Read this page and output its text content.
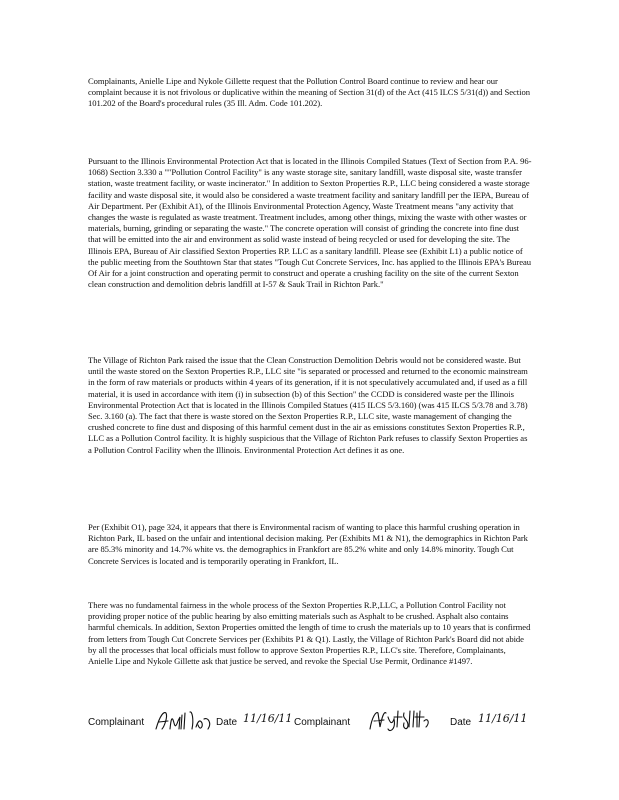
Complainants, Anielle Lipe and Nykole Gillette request that the Pollution Control Board continue to review and hear our complaint because it is not frivolous or duplicative within the meaning of Section 31(d) of the Act (415 ILCS 5/31(d)) and Section 101.202 of the Board's procedural rules (35 Ill. Adm. Code 101.202).

Pursuant to the Illinois Environmental Protection Act that is located in the Illinois Compiled Statues (Text of Section from P.A. 96-1068) Section 3.330 a ""Pollution Control Facility" is any waste storage site, sanitary landfill, waste disposal site, waste transfer station, waste treatment facility, or waste incinerator." In addition to Sexton Properties R.P., LLC being considered a waste storage facility and waste disposal site, it would also be considered a waste treatment facility and sanitary landfill per the IEPA, Bureau of Air Department. Per (Exhibit A1), of the Illinois Environmental Protection Agency, Waste Treatment means "any activity that changes the waste is regulated as waste treatment. Treatment includes, among other things, mixing the waste with other wastes or materials, burning, grinding or separating the waste." The concrete operation will consist of grinding the concrete into fine dust that will be emitted into the air and environment as solid waste instead of being recycled or used for developing the site. The Illinois EPA, Bureau of Air classified Sexton Properties RP. LLC as a sanitary landfill. Please see (Exhibit L1) a public notice of the public meeting from the Southtown Star that states "Tough Cut Concrete Services, Inc. has applied to the Illinois EPA's Bureau Of Air for a joint construction and operating permit to construct and operate a crushing facility on the site of the current Sexton clean construction and demolition debris landfill at I-57 & Sauk Trail in Richton Park."

The Village of Richton Park raised the issue that the Clean Construction Demolition Debris would not be considered waste. But until the waste stored on the Sexton Properties R.P., LLC site "is separated or processed and returned to the economic mainstream in the form of raw materials or products within 4 years of its generation, if it is not speculatively accumulated and, if used as a fill material, it is used in accordance with item (i) in subsection (b) of this Section" the CCDD is considered waste per the Illinois Environmental Protection Act that is located in the Illinois Compiled Statues (415 ILCS 5/3.160) (was 415 ILCS 5/3.78 and 3.78) Sec. 3.160 (a). The fact that there is waste stored on the Sexton Properties R.P., LLC site, waste management of changing the crushed concrete to fine dust and disposing of this harmful cement dust in the air as emissions constitutes Sexton Properties R.P., LLC as a Pollution Control facility. It is highly suspicious that the Village of Richton Park refuses to classify Sexton Properties as a Pollution Control Facility when the Illinois. Environmental Protection Act defines it as one.

Per (Exhibit O1), page 324, it appears that there is Environmental racism of wanting to place this harmful crushing operation in Richton Park, IL based on the unfair and intentional decision making. Per (Exhibits M1 & N1), the demographics in Richton Park are 85.3% minority and 14.7% white vs. the demographics in Frankfort are 85.2% white and only 14.8% minority. Tough Cut Concrete Services is located and is temporarily operating in Frankfort, IL.

There was no fundamental fairness in the whole process of the Sexton Properties R.P.,LLC, a Pollution Control Facility not providing proper notice of the public hearing by also emitting materials such as Asphalt to be crushed. Asphalt also contains harmful chemicals. In addition, Sexton Properties omitted the length of time to crush the materials up to 10 years that is confirmed from letters from Tough Cut Concrete Services per (Exhibits P1 & Q1). Lastly, the Village of Richton Park's Board did not abide by all the processes that local officials must follow to approve Sexton Properties R.P., LLC's site. Therefore, Complainants, Anielle Lipe and Nykole Gillette ask that justice be served, and revoke the Special Use Permit, Ordinance #1497.

Complainant	Date 11/16/11 Complainant	Date 11/16/11
